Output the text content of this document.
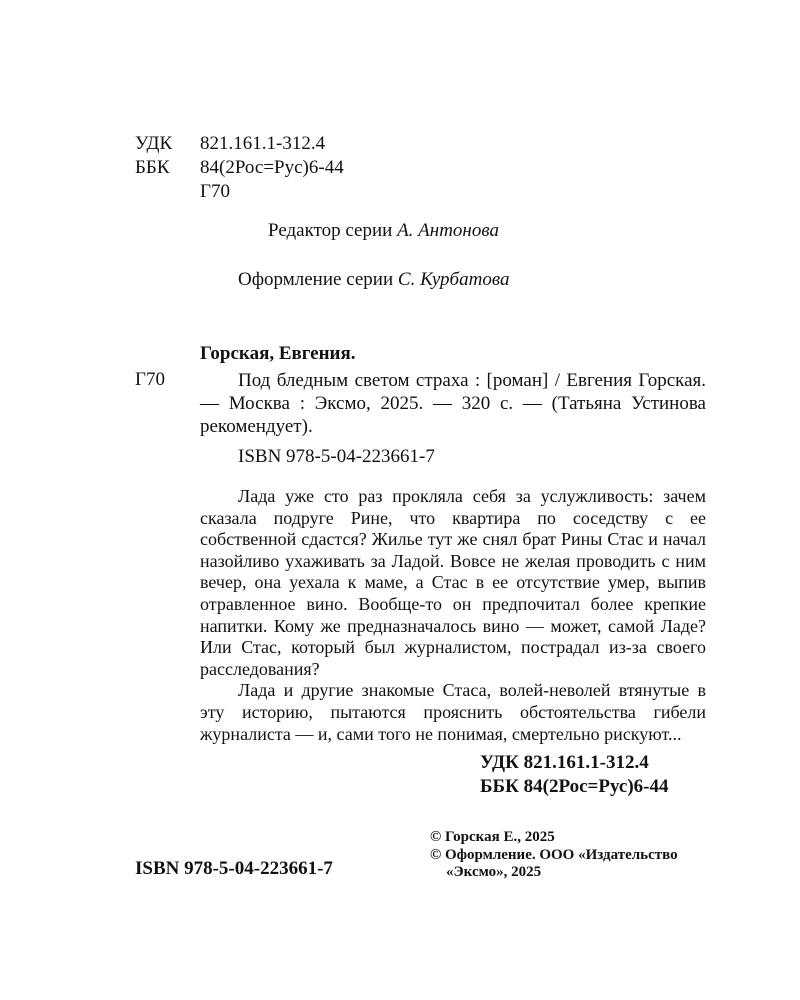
УДК 821.161.1-312.4
ББК 84(2Рос=Рус)6-44
Г70
Редактор серии А. Антонова
Оформление серии С. Курбатова
Горская, Евгения.
Г70	Под бледным светом страха : [роман] / Евгения Горская. — Москва : Эксмо, 2025. — 320 с. — (Татьяна Устинова рекомендует).

ISBN 978-5-04-223661-7

Лада уже сто раз прокляла себя за услужливость: зачем сказала подруге Рине, что квартира по соседству с ее собственной сдастся? Жилье тут же снял брат Рины Стас и начал назойливо ухаживать за Ладой. Вовсе не желая проводить с ним вечер, она уехала к маме, а Стас в ее отсутствие умер, выпив отравленное вино. Вообще-то он предпочитал более крепкие напитки. Кому же предназначалось вино — может, самой Ладе? Или Стас, который был журналистом, пострадал из-за своего расследования?

Лада и другие знакомые Стаса, волей-неволей втянутые в эту историю, пытаются прояснить обстоятельства гибели журналиста — и, сами того не понимая, смертельно рискуют...

УДК 821.161.1-312.4
ББК 84(2Рос=Рус)6-44
© Горская Е., 2025
© Оформление. ООО «Издательство
«Эксмо», 2025
ISBN 978-5-04-223661-7
